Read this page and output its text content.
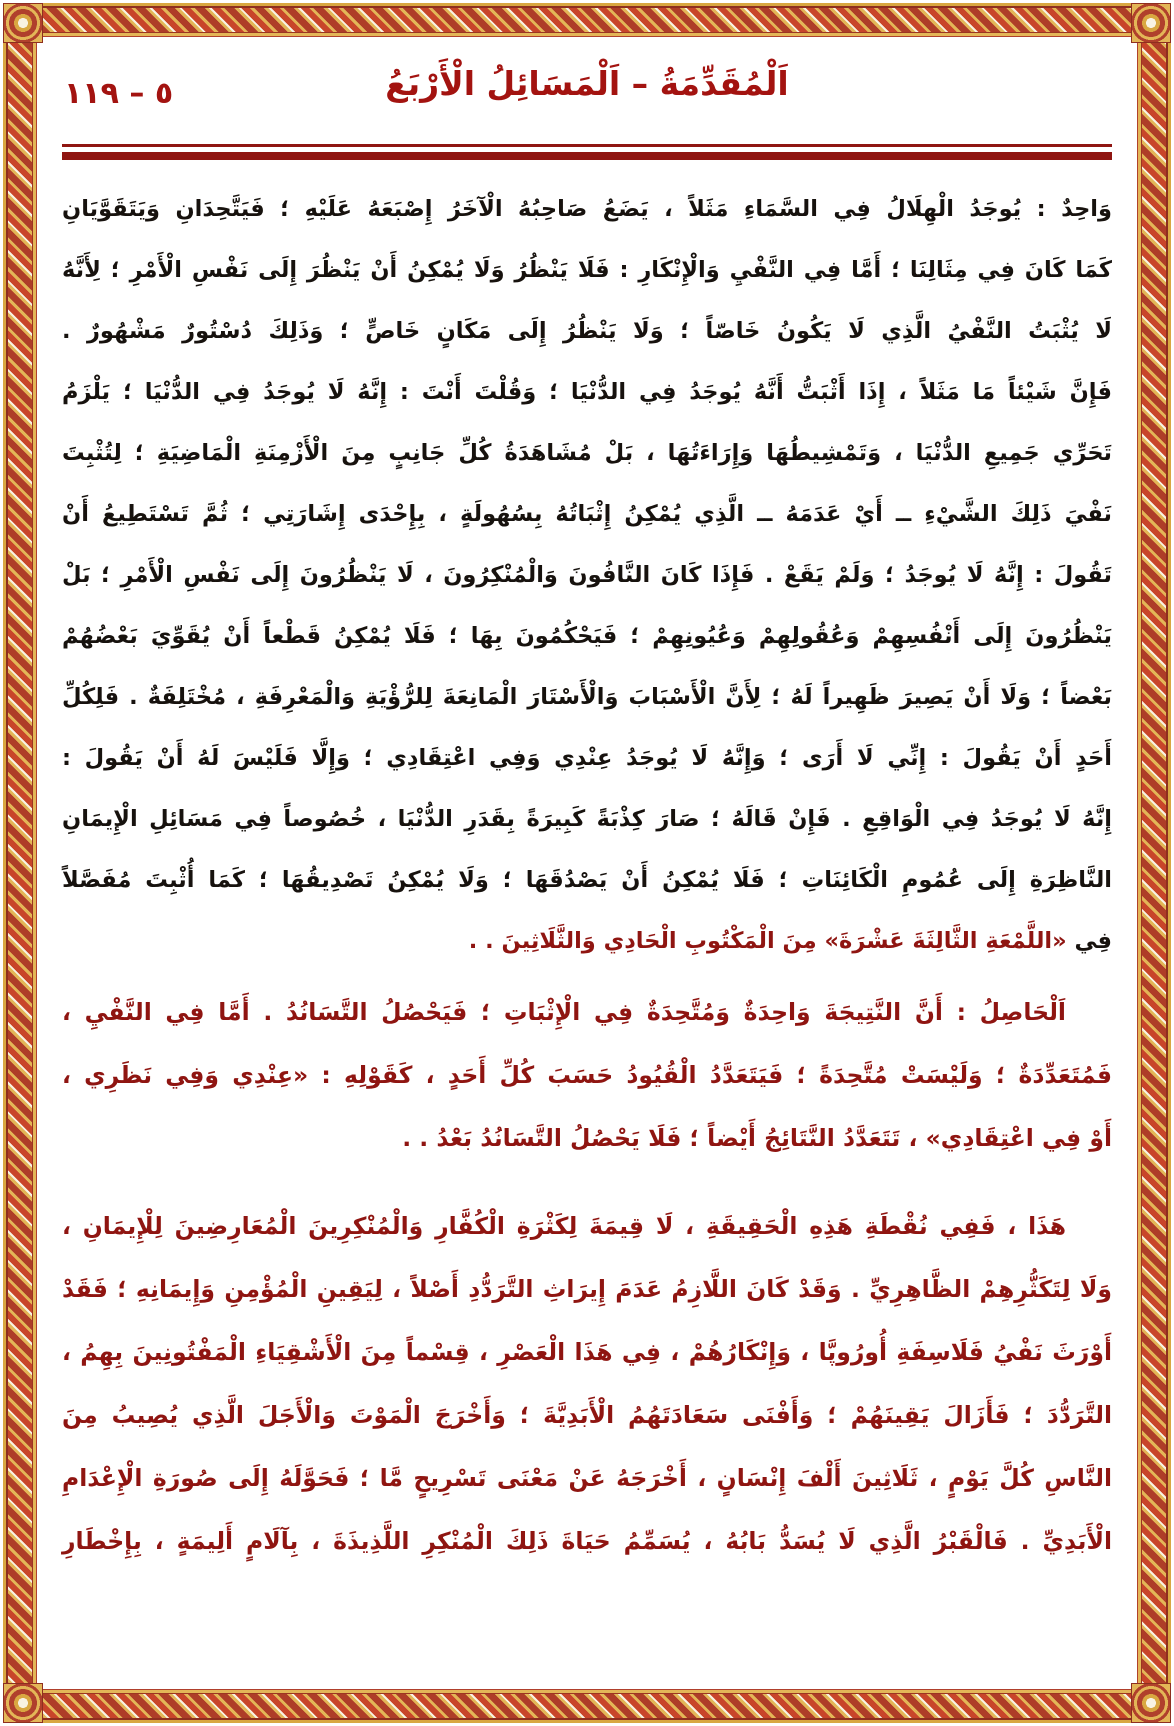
٥ – ١١٩	اَلْمُقَدِّمَةُ – اَلْمَسَائِلُ الْأَرْبَعُ
وَاحِدٌ : يُوجَدُ الْهِلَالُ فِي السَّمَاءِ مَثَلاً ، يَضَعُ صَاحِبُهُ الْآخَرُ إِصْبَعَهُ عَلَيْهِ ؛ فَيَتَّحِدَانِ وَيَتَقَوَّيَانِ
كَمَا كَانَ فِي مِثَالِنَا ؛ أَمَّا فِي النَّفْيِ وَالْإِنْكَارِ : فَلَا يَنْظُرُ وَلَا يُمْكِنُ أَنْ يَنْظُرَ إِلَى نَفْسِ الْأَمْرِ ؛ لِأَنَّهُ
لَا يُثْبَتُ النَّفْيُ الَّذِي لَا يَكُونُ خَاصّاً ؛ وَلَا يَنْظُرُ إِلَى مَكَانٍ خَاصٍّ ؛ وَذَلِكَ دُسْتُورٌ مَشْهُورٌ .
فَإِنَّ شَيْئاً مَا مَثَلاً ، إِذَا أَثْبَتُّ أَنَّهُ يُوجَدُ فِي الدُّنْيَا ؛ وَقُلْتَ أَنْتَ : إِنَّهُ لَا يُوجَدُ فِي الدُّنْيَا ؛ يَلْزَمُ
تَحَرِّي جَمِيعِ الدُّنْيَا ، وَتَمْشِيطُهَا وَإِرَاءَتُهَا ، بَلْ مُشَاهَدَةُ كُلِّ جَانِبٍ مِنَ الْأَزْمِنَةِ الْمَاضِيَةِ ؛ لِتُثْبِتَ
نَفْيَ ذَلِكَ الشَّيْءِ ــ أَيْ عَدَمَهُ ــ الَّذِي يُمْكِنُ إِثْبَاتُهُ بِسُهُولَةٍ ، بِإِحْدَى إِشَارَتِي ؛ ثُمَّ تَسْتَطِيعُ أَنْ
تَقُولَ : إِنَّهُ لَا يُوجَدُ ؛ وَلَمْ يَقَعْ . فَإِذَا كَانَ النَّافُونَ وَالْمُنْكِرُونَ ، لَا يَنْظُرُونَ إِلَى نَفْسِ الْأَمْرِ ؛ بَلْ
يَنْظُرُونَ إِلَى أَنْفُسِهِمْ وَعُقُولِهِمْ وَعُيُونِهِمْ ؛ فَيَحْكُمُونَ بِهَا ؛ فَلَا يُمْكِنُ قَطْعاً أَنْ يُقَوِّيَ بَعْضُهُمْ
بَعْضاً ؛ وَلَا أَنْ يَصِيرَ ظَهِيراً لَهُ ؛ لِأَنَّ الْأَسْبَابَ وَالْأَسْتَارَ الْمَانِعَةَ لِلرُّؤْيَةِ وَالْمَعْرِفَةِ ، مُخْتَلِفَةٌ . فَلِكُلِّ
أَحَدٍ أَنْ يَقُولَ : إِنِّي لَا أَرَى ؛ وَإِنَّهُ لَا يُوجَدُ عِنْدِي وَفِي اعْتِقَادِي ؛ وَإِلَّا فَلَيْسَ لَهُ أَنْ يَقُولَ :
إِنَّهُ لَا يُوجَدُ فِي الْوَاقِعِ . فَإِنْ قَالَهُ ؛ صَارَ كِذْبَةً كَبِيرَةً بِقَدَرِ الدُّنْيَا ، خُصُوصاً فِي مَسَائِلِ الْإِيمَانِ
النَّاظِرَةِ إِلَى عُمُومِ الْكَائِنَاتِ ؛ فَلَا يُمْكِنُ أَنْ يَصْدُقَهَا ؛ وَلَا يُمْكِنُ تَصْدِيقُهَا ؛ كَمَا أُثْبِتَ مُفَصَّلاً
فِي «اللَّمْعَةِ الثَّالِثَةَ عَشْرَةَ» مِنَ الْمَكْتُوبِ الْحَادِي وَالثَّلَاثِينَ . .
اَلْحَاصِلُ : أَنَّ النَّتِيجَةَ وَاحِدَةٌ وَمُتَّحِدَةٌ فِي الْإِثْبَاتِ ؛ فَيَحْصُلُ التَّسَانُدُ . أَمَّا فِي النَّفْيِ ،
فَمُتَعَدِّدَةٌ ؛ وَلَيْسَتْ مُتَّحِدَةً ؛ فَيَتَعَدَّدُ الْقُيُودُ حَسَبَ كُلِّ أَحَدٍ ، كَقَوْلِهِ : «عِنْدِي وَفِي نَظَرِي ،
أَوْ فِي اعْتِقَادِي» ، تَتَعَدَّدُ النَّتَائِجُ أَيْضاً ؛ فَلَا يَحْصُلُ التَّسَانُدُ بَعْدُ . .
هَذَا ، فَفِي نُقْطَةِ هَذِهِ الْحَقِيقَةِ ، لَا قِيمَةَ لِكَثْرَةِ الْكُفَّارِ وَالْمُنْكِرِينَ الْمُعَارِضِينَ لِلْإِيمَانِ ،
وَلَا لِتَكَثُّرِهِمْ الظَّاهِرِيِّ . وَقَدْ كَانَ اللَّازِمُ عَدَمَ إِيرَاثِ التَّرَدُّدِ أَصْلاً ، لِيَقِينِ الْمُؤْمِنِ وَإِيمَانِهِ ؛ فَقَدْ
أَوْرَثَ نَفْيُ فَلَاسِفَةِ أُورُوپَّا ، وَإِنْكَارُهُمْ ، فِي هَذَا الْعَصْرِ ، قِسْماً مِنَ الْأَشْقِيَاءِ الْمَفْتُونِينَ بِهِمُ ،
التَّرَدُّدَ ؛ فَأَزَالَ يَقِينَهُمْ ؛ وَأَفْنَى سَعَادَتَهُمُ الْأَبَدِيَّةَ ؛ وَأَخْرَجَ الْمَوْتَ وَالْأَجَلَ الَّذِي يُصِيبُ مِنَ
النَّاسِ كُلَّ يَوْمٍ ، ثَلَاثِينَ أَلْفَ إِنْسَانٍ ، أَخْرَجَهُ عَنْ مَعْنَى تَسْرِيحٍ مَّا ؛ فَحَوَّلَهُ إِلَى صُورَةِ الْإِعْدَامِ
الْأَبَدِيِّ . فَالْقَبْرُ الَّذِي لَا يُسَدُّ بَابُهُ ، يُسَمِّمُ حَيَاةَ ذَلِكَ الْمُنْكِرِ اللَّذِيذَةَ ، بِآلَامٍ أَلِيمَةٍ ، بِإِخْطَارِ
